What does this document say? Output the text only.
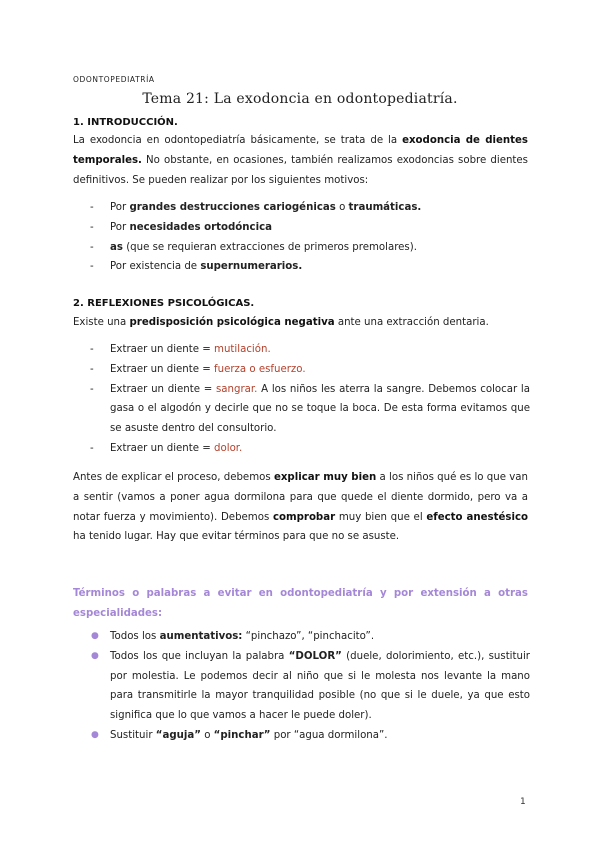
ODONTOPEDIATRÍA
Tema 21: La exodoncia en odontopediatría.
1. INTRODUCCIÓN.
La exodoncia en odontopediatría básicamente, se trata de la exodoncia de dientes temporales. No obstante, en ocasiones, también realizamos exodoncias sobre dientes definitivos. Se pueden realizar por los siguientes motivos:
- Por grandes destrucciones cariogénicas o traumáticas.
- Por necesidades ortodóncica
- as (que se requieran extracciones de primeros premolares).
- Por existencia de supernumerarios.
2. REFLEXIONES PSICOLÓGICAS.
Existe una predisposición psicológica negativa ante una extracción dentaria.
- Extraer un diente = mutilación.
- Extraer un diente = fuerza o esfuerzo.
- Extraer un diente = sangrar. A los niños les aterra la sangre. Debemos colocar la gasa o el algodón y decirle que no se toque la boca. De esta forma evitamos que se asuste dentro del consultorio.
- Extraer un diente = dolor.
Antes de explicar el proceso, debemos explicar muy bien a los niños qué es lo que van a sentir (vamos a poner agua dormilona para que quede el diente dormido, pero va a notar fuerza y movimiento). Debemos comprobar muy bien que el efecto anestésico ha tenido lugar. Hay que evitar términos para que no se asuste.
Términos o palabras a evitar en odontopediatría y por extensión a otras especialidades:
● Todos los aumentativos: “pinchazo”, “pinchacito”.
● Todos los que incluyan la palabra “DOLOR” (duele, dolorimiento, etc.), sustituir por molestia. Le podemos decir al niño que si le molesta nos levante la mano para transmitirle la mayor tranquilidad posible (no que si le duele, ya que esto significa que lo que vamos a hacer le puede doler).
● Sustituir “aguja” o “pinchar” por “agua dormilona”.
1
